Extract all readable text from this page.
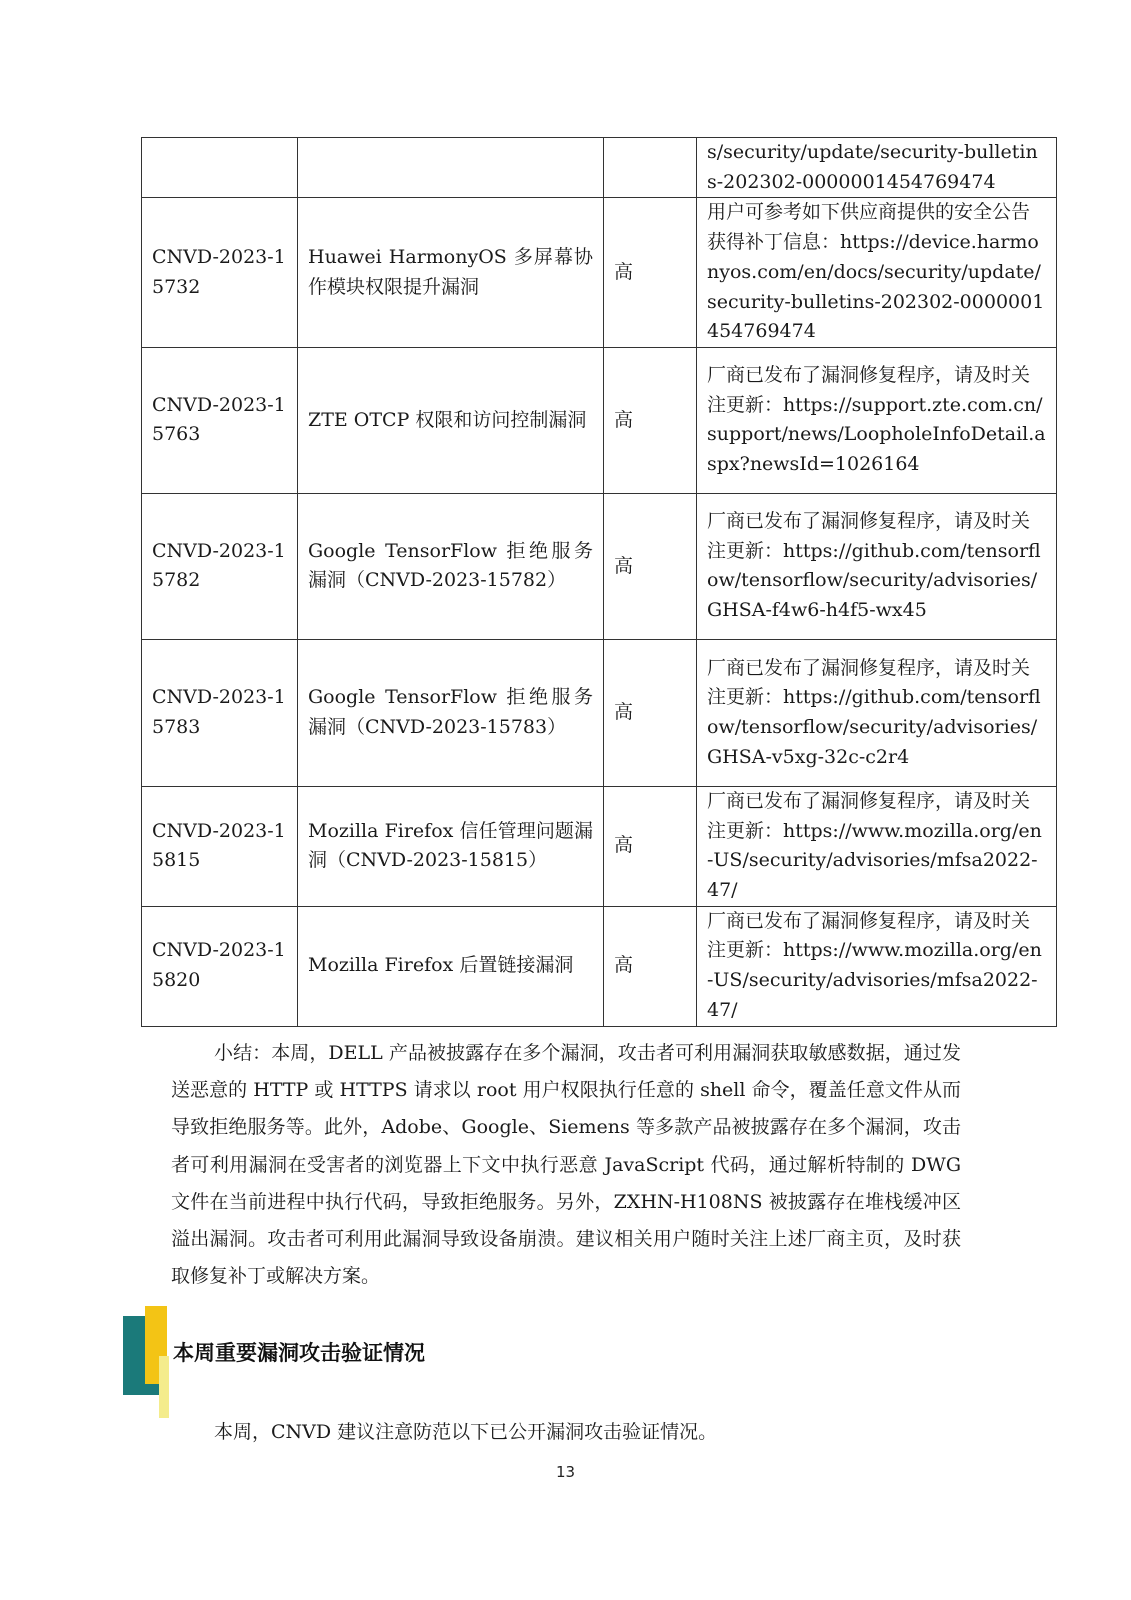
			s/security/update/security-bulletins-202302-0000001454769474
CNVD-2023-15732	Huawei HarmonyOS 多屏幕协作模块权限提升漏洞	高	用户可参考如下供应商提供的安全公告获得补丁信息：https://device.harmonyos.com/en/docs/security/update/security-bulletins-202302-0000001454769474
CNVD-2023-15763	ZTE OTCP 权限和访问控制漏洞	高	厂商已发布了漏洞修复程序，请及时关注更新：https://support.zte.com.cn/support/news/LoopholeInfoDetail.aspx?newsId=1026164
CNVD-2023-15782	Google TensorFlow 拒绝服务漏洞（CNVD-2023-15782）	高	厂商已发布了漏洞修复程序，请及时关注更新：https://github.com/tensorflow/tensorflow/security/advisories/GHSA-f4w6-h4f5-wx45
CNVD-2023-15783	Google TensorFlow 拒绝服务漏洞（CNVD-2023-15783）	高	厂商已发布了漏洞修复程序，请及时关注更新：https://github.com/tensorflow/tensorflow/security/advisories/GHSA-v5xg-32c-c2r4
CNVD-2023-15815	Mozilla Firefox 信任管理问题漏洞（CNVD-2023-15815）	高	厂商已发布了漏洞修复程序，请及时关注更新：https://www.mozilla.org/en-US/security/advisories/mfsa2022-47/
CNVD-2023-15820	Mozilla Firefox 后置链接漏洞	高	厂商已发布了漏洞修复程序，请及时关注更新：https://www.mozilla.org/en-US/security/advisories/mfsa2022-47/

小结：本周，DELL 产品被披露存在多个漏洞，攻击者可利用漏洞获取敏感数据，通过发送恶意的 HTTP 或 HTTPS 请求以 root 用户权限执行任意的 shell 命令，覆盖任意文件从而导致拒绝服务等。此外，Adobe、Google、Siemens 等多款产品被披露存在多个漏洞，攻击者可利用漏洞在受害者的浏览器上下文中执行恶意 JavaScript 代码，通过解析特制的 DWG 文件在当前进程中执行代码，导致拒绝服务。另外，ZXHN-H108NS 被披露存在堆栈缓冲区溢出漏洞。攻击者可利用此漏洞导致设备崩溃。建议相关用户随时关注上述厂商主页，及时获取修复补丁或解决方案。

本周重要漏洞攻击验证情况

本周，CNVD 建议注意防范以下已公开漏洞攻击验证情况。

13
